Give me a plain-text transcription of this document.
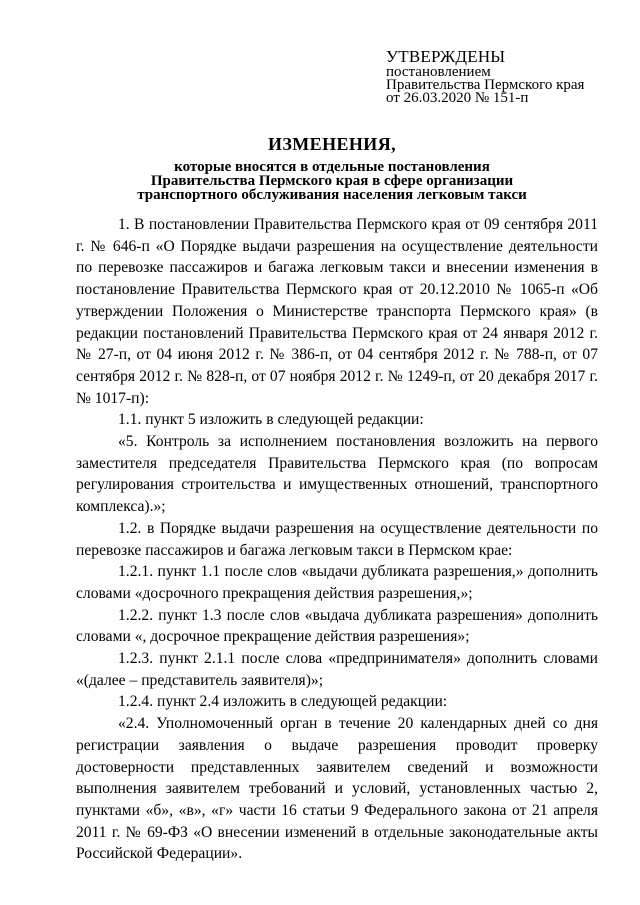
УТВЕРЖДЕНЫ
постановлением
Правительства Пермского края
от 26.03.2020 № 151-п
ИЗМЕНЕНИЯ,
которые вносятся в отдельные постановления
Правительства Пермского края в сфере организации
транспортного обслуживания населения легковым такси

1. В постановлении Правительства Пермского края от 09 сентября 2011 г. № 646-п «О Порядке выдачи разрешения на осуществление деятельности по перевозке пассажиров и багажа легковым такси и внесении изменения в постановление Правительства Пермского края от 20.12.2010 № 1065-п «Об утверждении Положения о Министерстве транспорта Пермского края» (в редакции постановлений Правительства Пермского края от 24 января 2012 г. № 27-п, от 04 июня 2012 г. № 386-п, от 04 сентября 2012 г. № 788-п, от 07 сентября 2012 г. № 828-п, от 07 ноября 2012 г. № 1249-п, от 20 декабря 2017 г. № 1017-п):

1.1. пункт 5 изложить в следующей редакции:

«5. Контроль за исполнением постановления возложить на первого заместителя председателя Правительства Пермского края (по вопросам регулирования строительства и имущественных отношений, транспортного комплекса).»;

1.2. в Порядке выдачи разрешения на осуществление деятельности по перевозке пассажиров и багажа легковым такси в Пермском крае:

1.2.1. пункт 1.1 после слов «выдачи дубликата разрешения,» дополнить словами «досрочного прекращения действия разрешения,»;

1.2.2. пункт 1.3 после слов «выдача дубликата разрешения» дополнить словами «, досрочное прекращение действия разрешения»;

1.2.3. пункт 2.1.1 после слова «предпринимателя» дополнить словами «(далее – представитель заявителя)»;

1.2.4. пункт 2.4 изложить в следующей редакции:

«2.4. Уполномоченный орган в течение 20 календарных дней со дня регистрации заявления о выдаче разрешения проводит проверку достоверности представленных заявителем сведений и возможности выполнения заявителем требований и условий, установленных частью 2, пунктами «б», «в», «г» части 16 статьи 9 Федерального закона от 21 апреля 2011 г. № 69-ФЗ «О внесении изменений в отдельные законодательные акты Российской Федерации».
